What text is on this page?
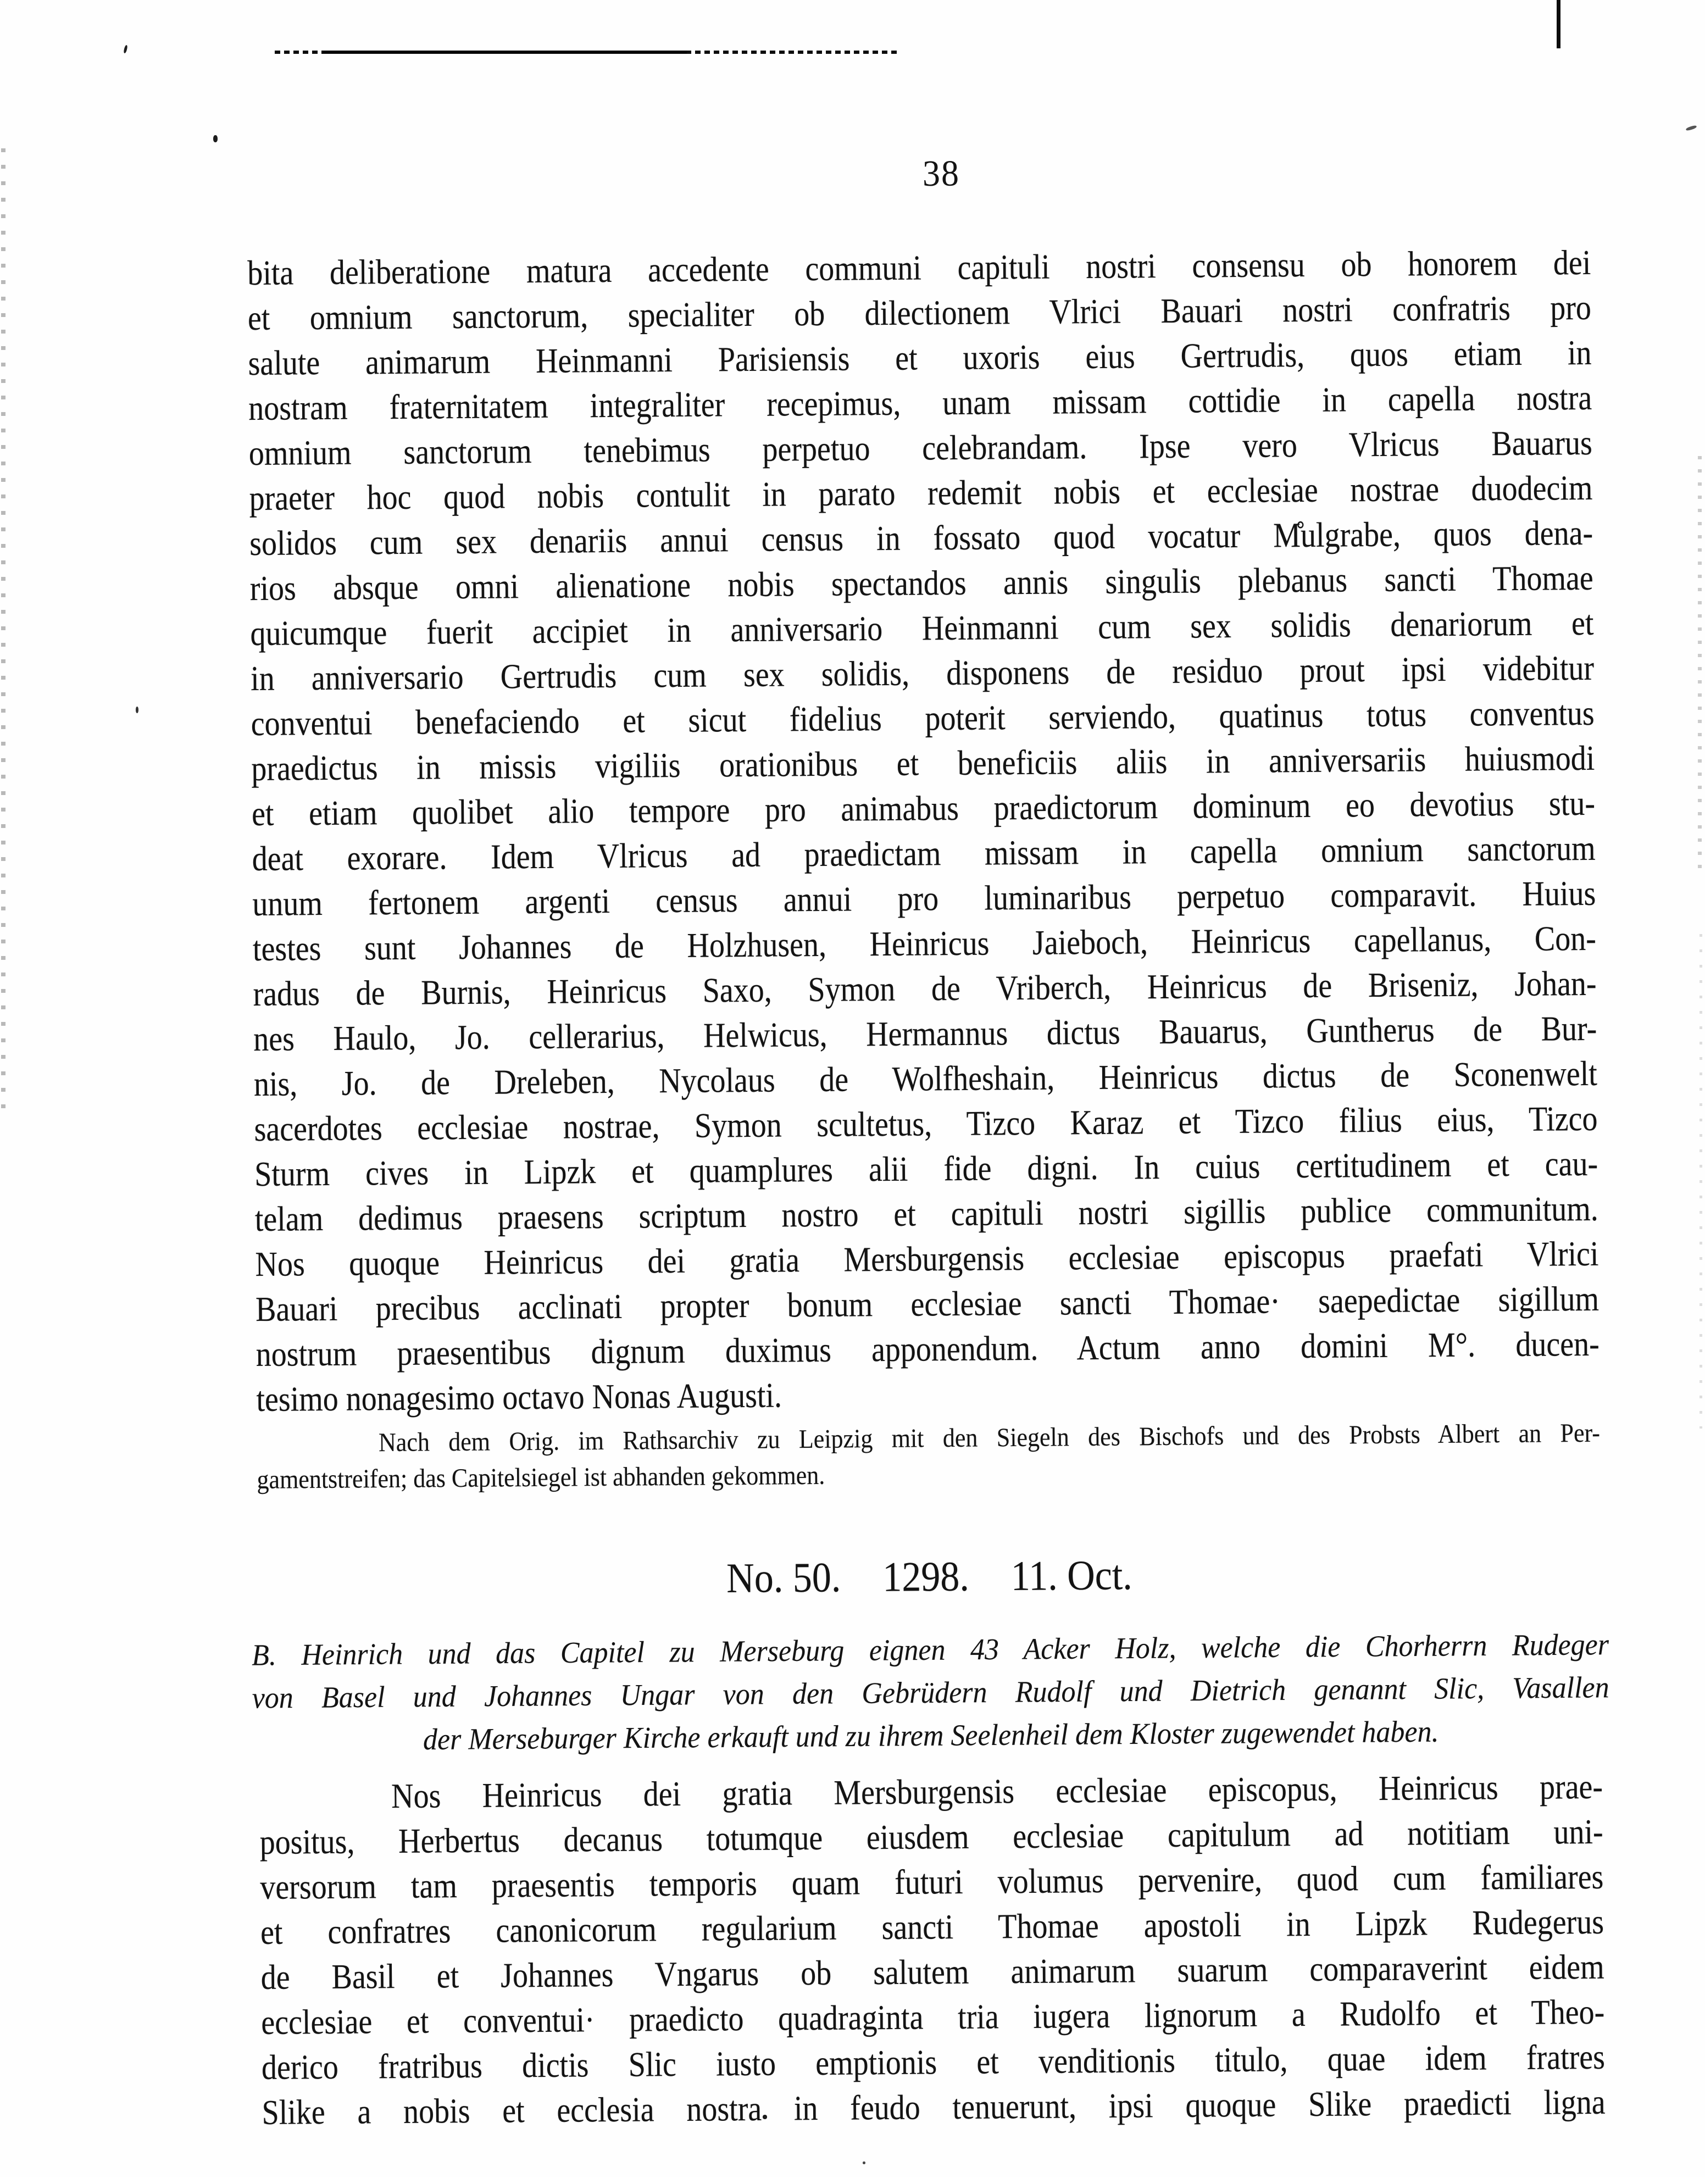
38
bita deliberatione matura accedente communi capituli nostri consensu ob honorem dei
et omnium sanctorum, specialiter ob dilectionem Vlrici Bauari nostri confratris pro
salute animarum Heinmanni Parisiensis et uxoris eius Gertrudis, quos etiam in
nostram fraternitatem integraliter recepimus, unam missam cottidie in capella nostra
omnium sanctorum tenebimus perpetuo celebrandam. Ipse vero Vlricus Bauarus
praeter hoc quod nobis contulit in parato redemit nobis et ecclesiae nostrae duodecim
solidos cum sex denariis annui census in fossato quod vocatur M̊ulgrabe, quos dena-
rios absque omni alienatione nobis spectandos annis singulis plebanus sancti Thomae
quicumque fuerit accipiet in anniversario Heinmanni cum sex solidis denariorum et
in anniversario Gertrudis cum sex solidis, disponens de residuo prout ipsi videbitur
conventui benefaciendo et sicut fidelius poterit serviendo, quatinus totus conventus
praedictus in missis vigiliis orationibus et beneficiis aliis in anniversariis huiusmodi
et etiam quolibet alio tempore pro animabus praedictorum dominum eo devotius stu-
deat exorare. Idem Vlricus ad praedictam missam in capella omnium sanctorum
unum fertonem argenti census annui pro luminaribus perpetuo comparavit. Huius
testes sunt Johannes de Holzhusen, Heinricus Jaieboch, Heinricus capellanus, Con-
radus de Burnis, Heinricus Saxo, Symon de Vriberch, Heinricus de Briseniz, Johan-
nes Haulo, Jo. cellerarius, Helwicus, Hermannus dictus Bauarus, Guntherus de Bur-
nis, Jo. de Dreleben, Nycolaus de Wolfheshain, Heinricus dictus de Sconenwelt
sacerdotes ecclesiae nostrae, Symon scultetus, Tizco Karaz et Tizco filius eius, Tizco
Sturm cives in Lipzk et quamplures alii fide digni. In cuius certitudinem et cau-
telam dedimus praesens scriptum nostro et capituli nostri sigillis publice communitum.
Nos quoque Heinricus dei gratia Mersburgensis ecclesiae episcopus praefati Vlrici
Bauari precibus acclinati propter bonum ecclesiae sancti Thomae· saepedictae sigillum
nostrum praesentibus dignum duximus apponendum. Actum anno domini M°. ducen-
tesimo nonagesimo octavo Nonas Augusti.
Nach dem Orig. im Rathsarchiv zu Leipzig mit den Siegeln des Bischofs und des Probsts Albert an Per-
gamentstreifen; das Capitelsiegel ist abhanden gekommen.
No. 50. 1298. 11. Oct.
B. Heinrich und das Capitel zu Merseburg eignen 43 Acker Holz, welche die Chorherrn Rudeger
von Basel und Johannes Ungar von den Gebrüdern Rudolf und Dietrich genannt Slic, Vasallen
der Merseburger Kirche erkauft und zu ihrem Seelenheil dem Kloster zugewendet haben.
Nos Heinricus dei gratia Mersburgensis ecclesiae episcopus, Heinricus prae-
positus, Herbertus decanus totumque eiusdem ecclesiae capitulum ad notitiam uni-
versorum tam praesentis temporis quam futuri volumus pervenire, quod cum familiares
et confratres canonicorum regularium sancti Thomae apostoli in Lipzk Rudegerus
de Basil et Johannes Vngarus ob salutem animarum suarum comparaverint eidem
ecclesiae et conventui· praedicto quadraginta tria iugera lignorum a Rudolfo et Theo-
derico fratribus dictis Slic iusto emptionis et venditionis titulo, quae idem fratres
Slike a nobis et ecclesia nostra in feudo tenuerunt, ipsi quoque Slike praedicti ligna
